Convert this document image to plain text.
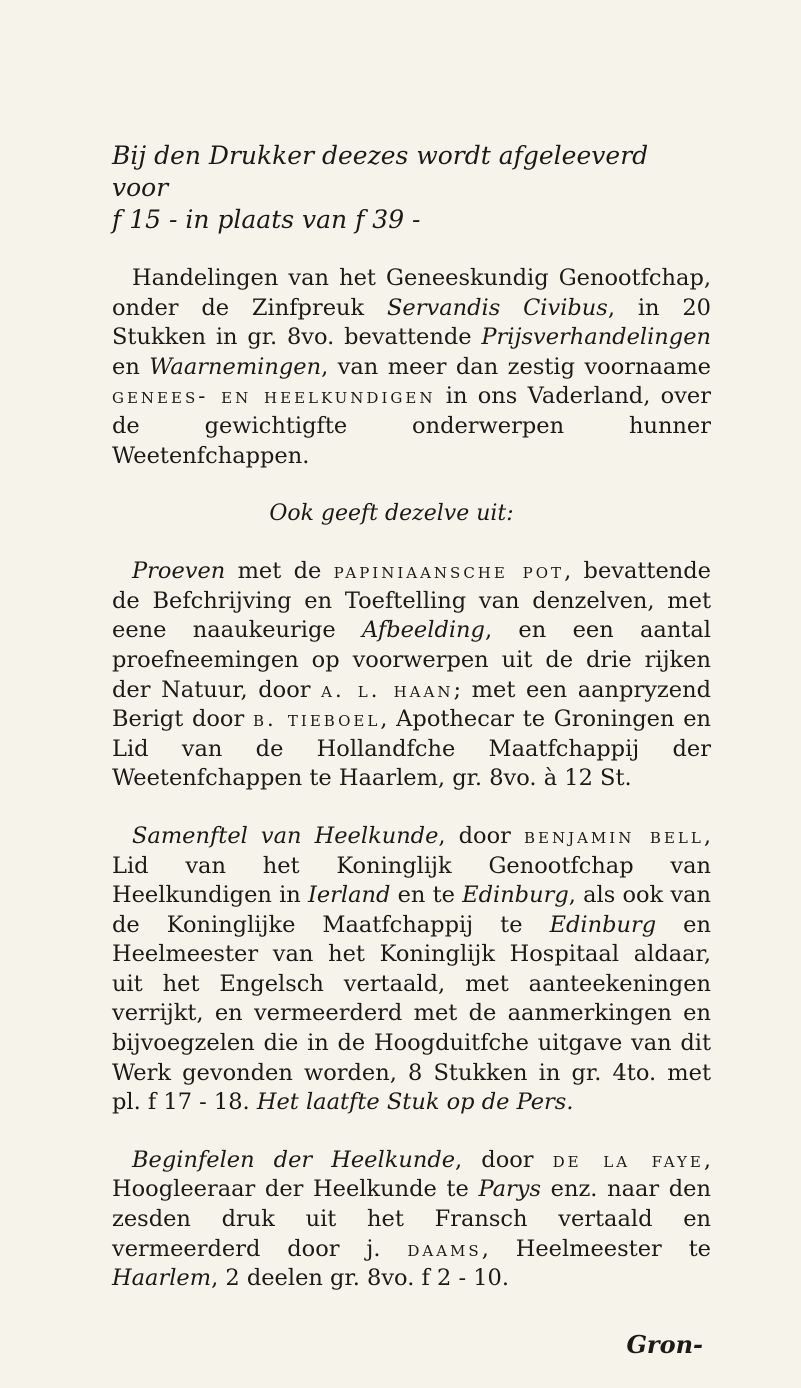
Bij den Drukker deezes wordt afgeleeverd voor

f 15 - in plaats van f 39 -

Handelingen van het Geneeskundig Genootfchap, onder de Zinfpreuk Servandis Civibus, in 20 Stukken in gr. 8vo. bevattende Prijsverhandelingen en Waarnemingen, van meer dan zestig voornaame genees- en heelkundigen in ons Vaderland, over de gewichtigfte onderwerpen hunner Weetenfchappen.

Ook geeft dezelve uit:

Proeven met de papiniaansche pot, bevattende de Befchrijving en Toeftelling van denzelven, met eene naaukeurige Afbeelding, en een aantal proefneemingen op voorwerpen uit de drie rijken der Natuur, door a. l. haan; met een aanpryzend Berigt door b. tieboel, Apothecar te Groningen en Lid van de Hollandfche Maatfchappij der Weetenfchappen te Haarlem, gr. 8vo. à 12 St.

Samenftel van Heelkunde, door benjamin bell, Lid van het Koninglijk Genootfchap van Heelkundigen in Ierland en te Edinburg, als ook van de Koninglijke Maatfchappij te Edinburg en Heelmeester van het Koninglijk Hospitaal aldaar, uit het Engelsch vertaald, met aanteekeningen verrijkt, en vermeerderd met de aanmerkingen en bijvoegzelen die in de Hoogduitfche uitgave van dit Werk gevonden worden, 8 Stukken in gr. 4to. met pl. f 17 - 18. Het laatfte Stuk op de Pers.

Beginfelen der Heelkunde, door de la faye, Hoogleeraar der Heelkunde te Parys enz. naar den zesden druk uit het Fransch vertaald en vermeerderd door j. daams, Heelmeester te Haarlem, 2 deelen gr. 8vo. f 2 - 10.

Gron-
